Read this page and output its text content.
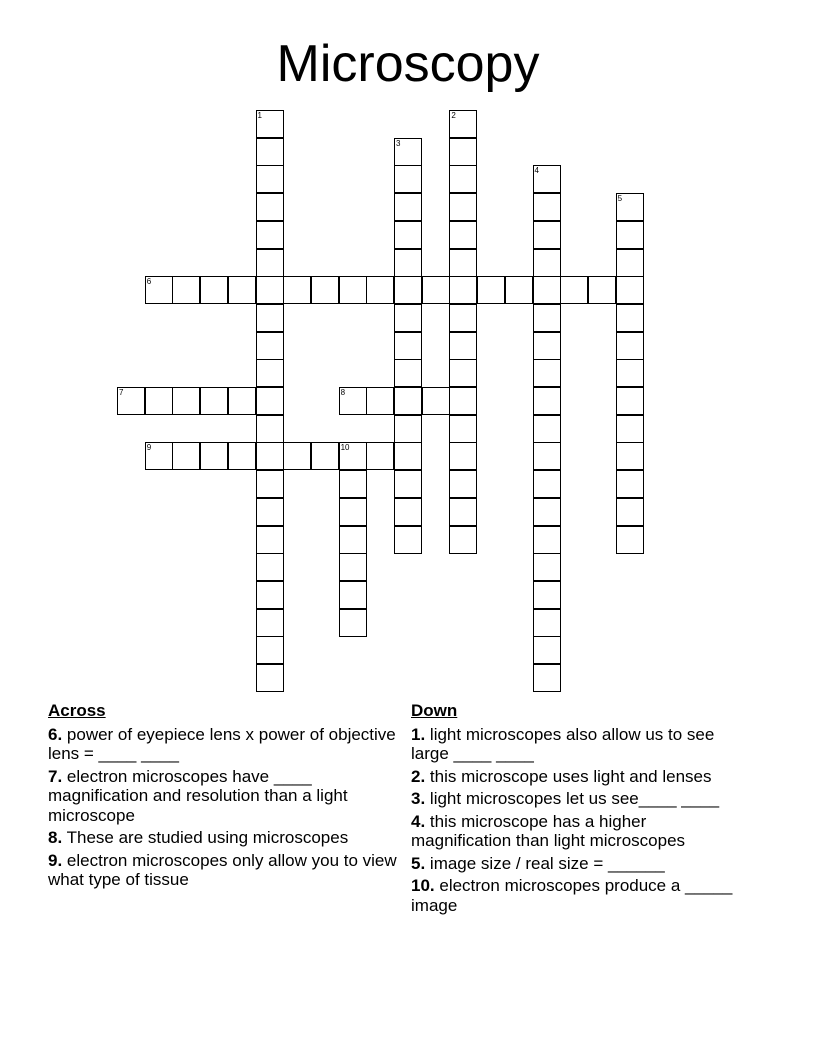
Microscopy
1	2
3
4
5
6
7	8
9	10
Across
6. power of eyepiece lens x power of objective lens = ____ ____
7. electron microscopes have ____ magnification and resolution than a light microscope
8. These are studied using microscopes
9. electron microscopes only allow you to view what type of tissue
Down
1. light microscopes also allow us to see large ____ ____
2. this microscope uses light and lenses
3. light microscopes let us see____ ____
4. this microscope has a higher magnification than light microscopes
5. image size / real size = ______
10. electron microscopes produce a _____ image
